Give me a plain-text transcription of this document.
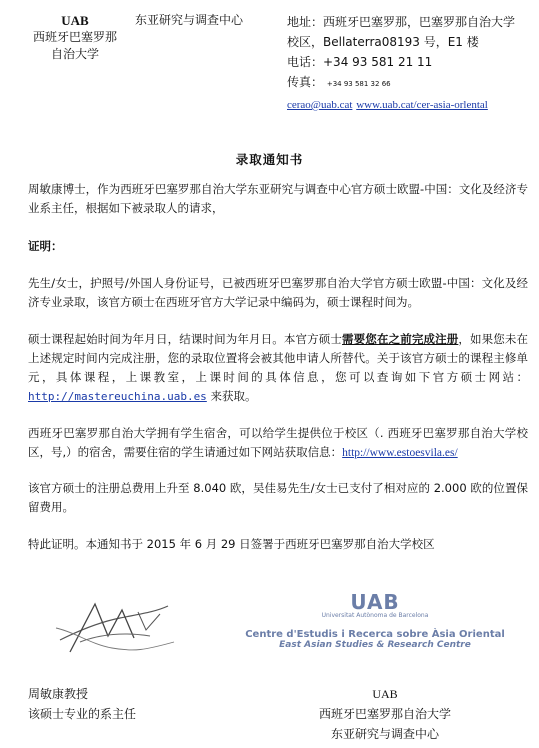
UAB
西班牙巴塞罗那
自治大学
东亚研究与调查中心	地址：西班牙巴塞罗那，巴塞罗那自治大学
校区，Bellaterra08193 号，E1 楼
电话：+34 93 581 21 11
传真： +34 93 581 32 66
cerao@uab.cat www.uab.cat/cer-asia-orlental
录取通知书
周敏康博士，作为西班牙巴塞罗那自治大学东亚研究与调查中心官方硕士欧盟-中国：文化及经济专业系主任，根据如下被录取人的请求，
证明：
先生/女士，护照号/外国人身份证号，已被西班牙巴塞罗那自治大学官方硕士欧盟-中国：文化及经济专业录取，该官方硕士在西班牙官方大学记录中编码为，硕士课程时间为。
硕士课程起始时间为年月日，结课时间为年月日。本官方硕士需要您在之前完成注册，如果您未在上述规定时间内完成注册，您的录取位置将会被其他申请人所替代。关于该官方硕士的课程主修单元，具体课程，上课教室，上课时间的具体信息，您可以查询如下官方硕士网站：http://mastereuchina.uab.es 来获取。
西班牙巴塞罗那自治大学拥有学生宿舍，可以给学生提供位于校区（. 西班牙巴塞罗那自治大学校区，号,）的宿舍，需要住宿的学生请通过如下网站获取信息：http://www.estoesvila.es/
该官方硕士的注册总费用上升至 8.040 欧，吴佳易先生/女士已支付了相对应的 2.000 欧的位置保留费用。
特此证明。本通知书于 2015 年 6 月 29 日签署于西班牙巴塞罗那自治大学校区
UAB
Universitat Autònoma de Barcelona
Centre d'Estudis i Recerca sobre Àsia Oriental
East Asian Studies & Research Centre
周敏康教授
该硕士专业的系主任
UAB
西班牙巴塞罗那自治大学
东亚研究与调查中心
